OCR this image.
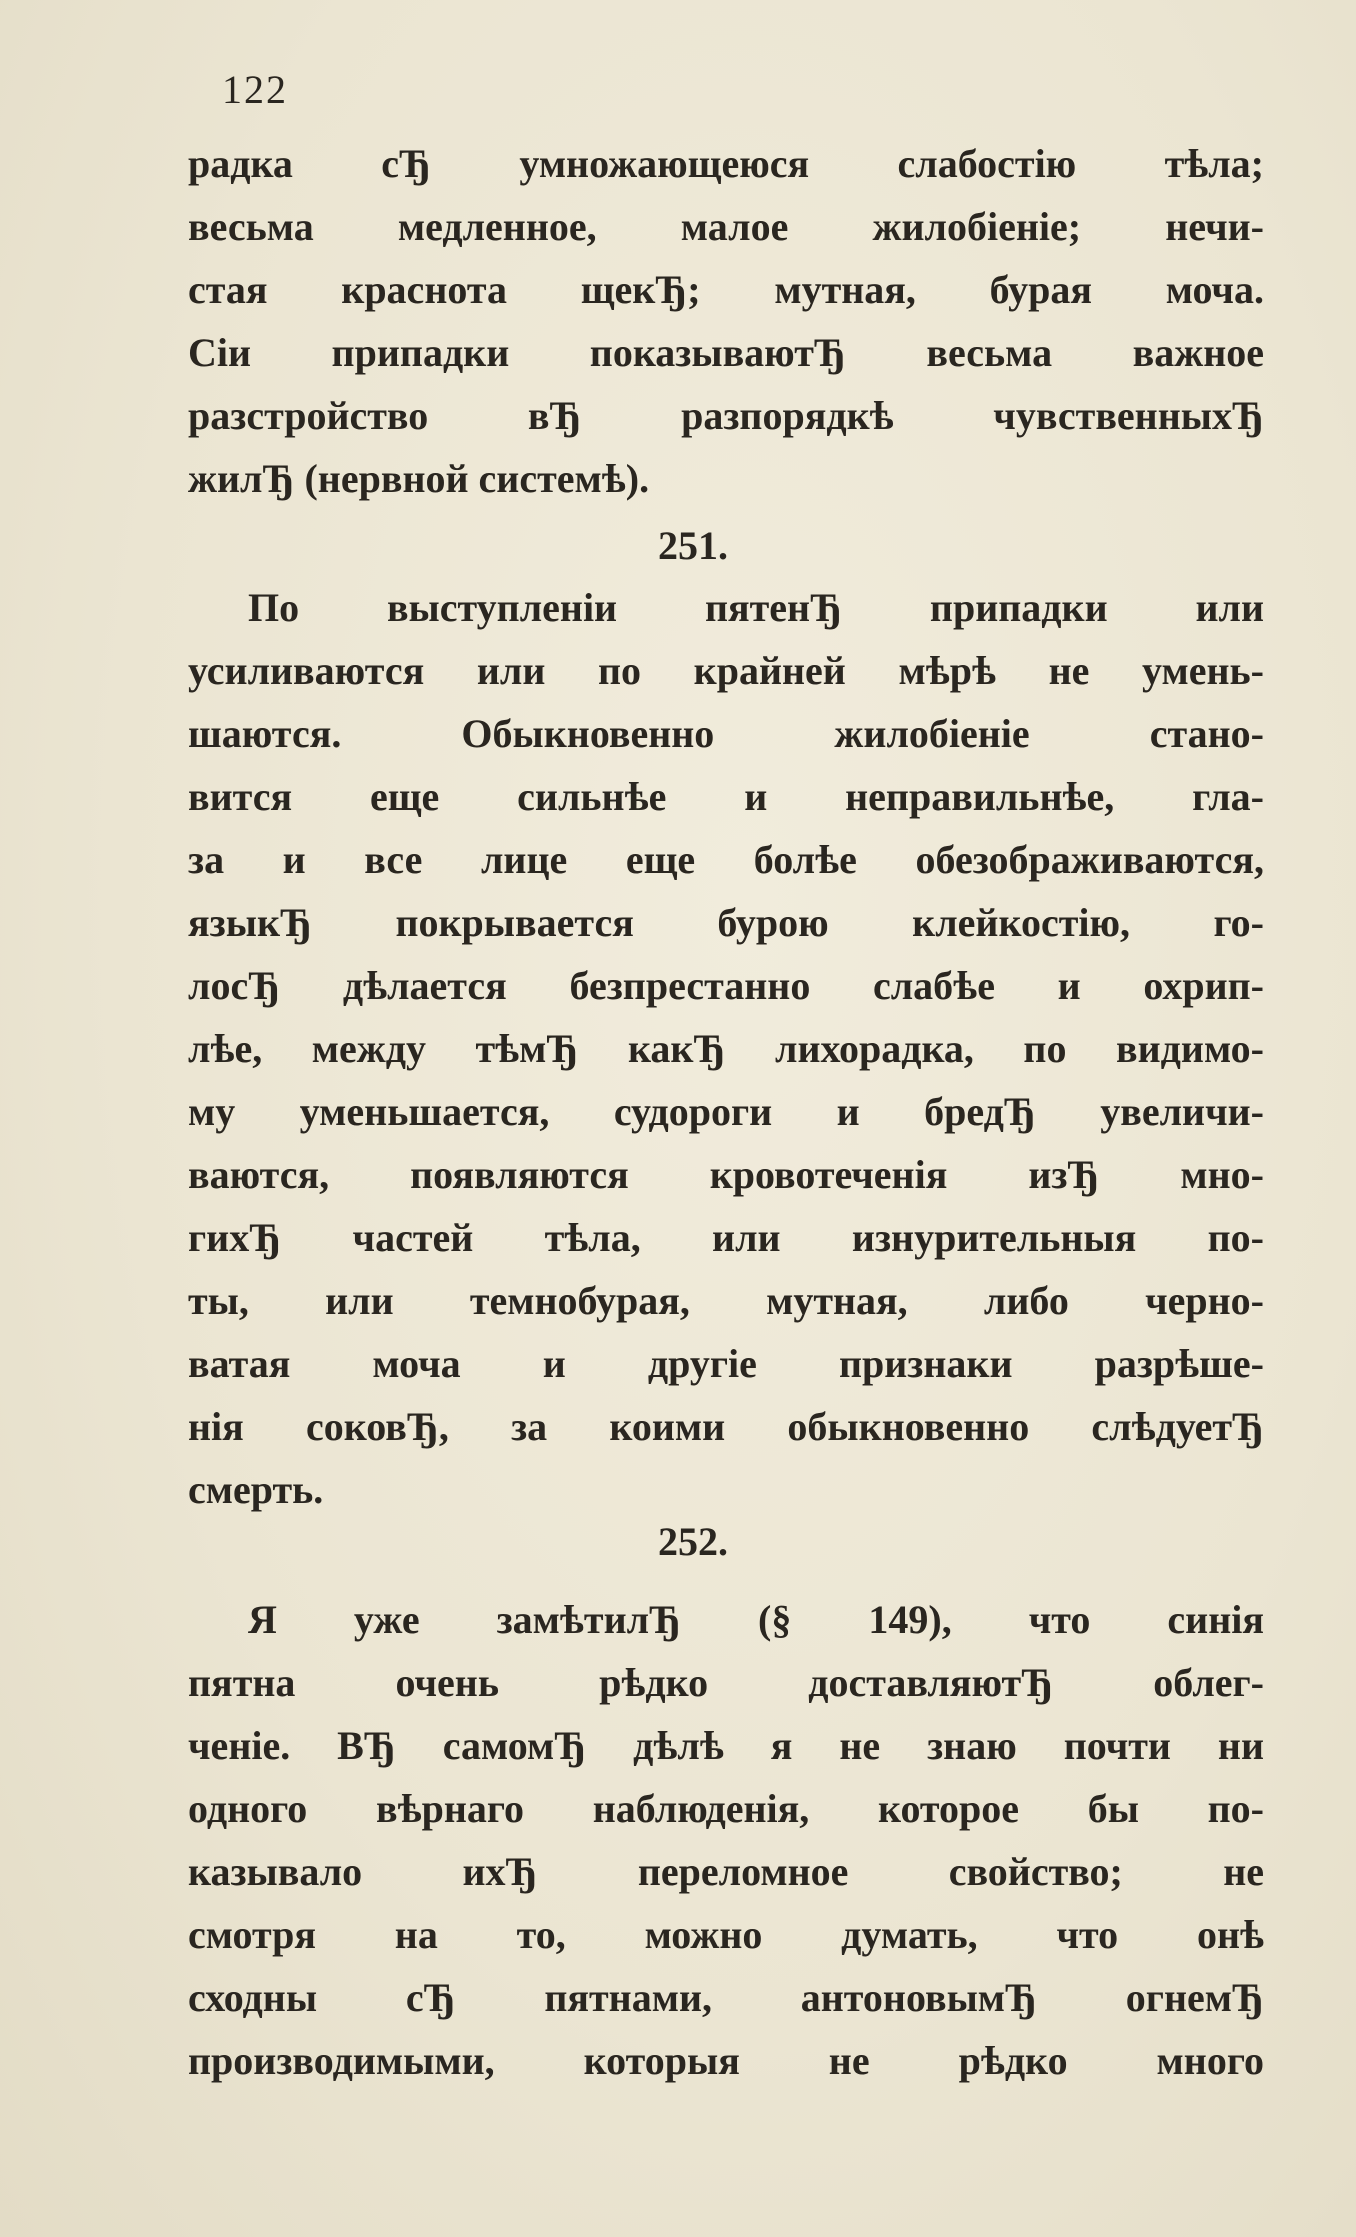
122
радка сЂ умножающеюся слабостію тѣла;
весьма медленное, малое жилобіеніе; нечи-
стая краснота щекЂ; мутная, бурая моча.
Сіи припадки показываютЂ весьма важное
разстройство вЂ разпорядкѣ чувственныхЂ
жилЂ (нервной системѣ).
251.
По выступленіи пятенЂ припадки или
усиливаются или по крайней мѣрѣ не умень-
шаются. Обыкновенно жилобіеніе стано-
вится еще сильнѣе и неправильнѣе, гла-
за и все лице еще болѣе обезображиваются,
языкЂ покрывается бурою клейкостію, го-
лосЂ дѣлается безпрестанно слабѣе и охрип-
лѣе, между тѣмЂ какЂ лихорадка, по видимо-
му уменьшается, судороги и бредЂ увеличи-
ваются, появляются кровотеченія изЂ мно-
гихЂ частей тѣла, или изнурительныя по-
ты, или темнобурая, мутная, либо черно-
ватая моча и другіе признаки разрѣше-
нія соковЂ, за коими обыкновенно слѣдуетЂ
смерть.
252.
Я уже замѣтилЂ (§ 149), что синія
пятна очень рѣдко доставляютЂ облег-
ченіе. ВЂ самомЂ дѣлѣ я не знаю почти ни
одного вѣрнаго наблюденія, которое бы по-
казывало ихЂ переломное свойство; не
смотря на то, можно думать, что онѣ
сходны сЂ пятнами, антоновымЂ огнемЂ
производимыми, которыя не рѣдко много
